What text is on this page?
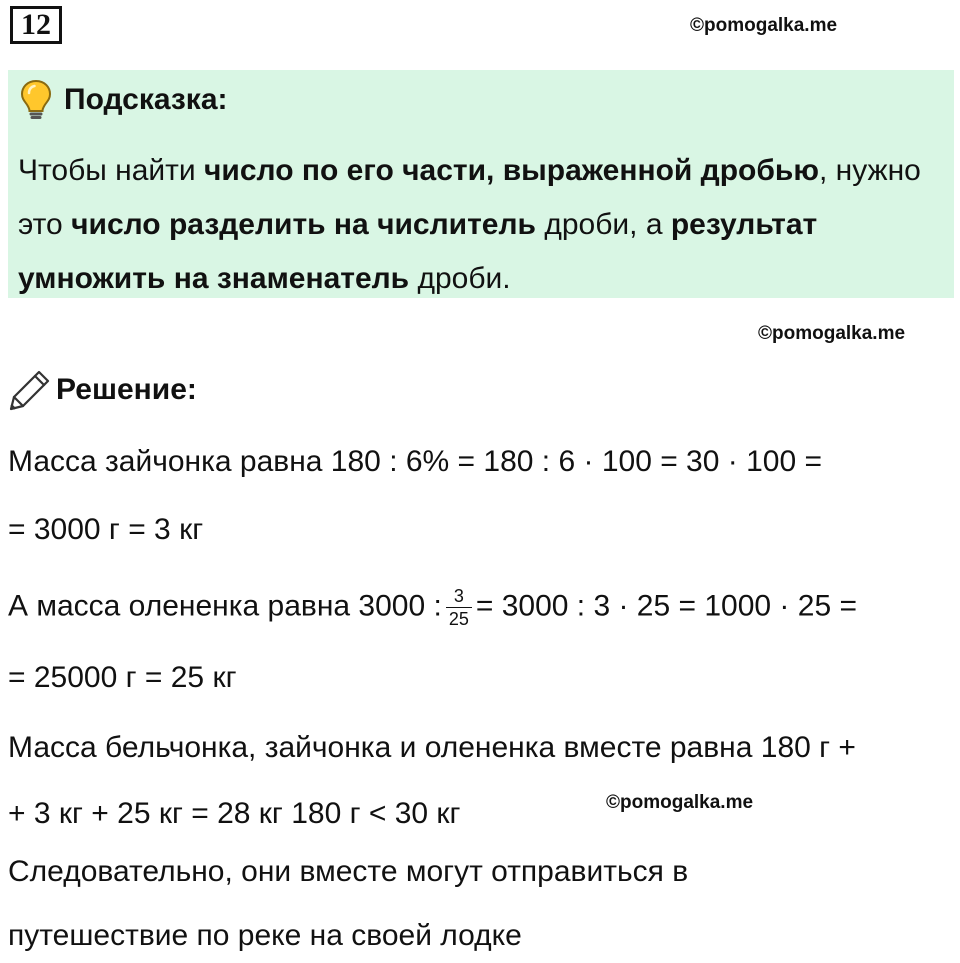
12	©pomogalka.me
Подсказка:
Чтобы найти число по его части, выраженной дробью, нужно это число разделить на числитель дроби, а результат умножить на знаменатель дроби.
©pomogalka.me
Решение:
Масса зайчонка равна 180 : 6% = 180 : 6 · 100 = 30 · 100 =
= 3000 г = 3 кг
А масса олененка равна 3000 : $\frac{3}{25} = 3000$ : 3 · 25 = 1000 · 25 =
= 25000 г = 25 кг
Масса бельчонка, зайчонка и олененка вместе равна 180 г +
+ 3 кг + 25 кг = 28 кг 180 г < 30 кг	©pomogalka.me
Следовательно, они вместе могут отправиться в
путешествие по реке на своей лодке
